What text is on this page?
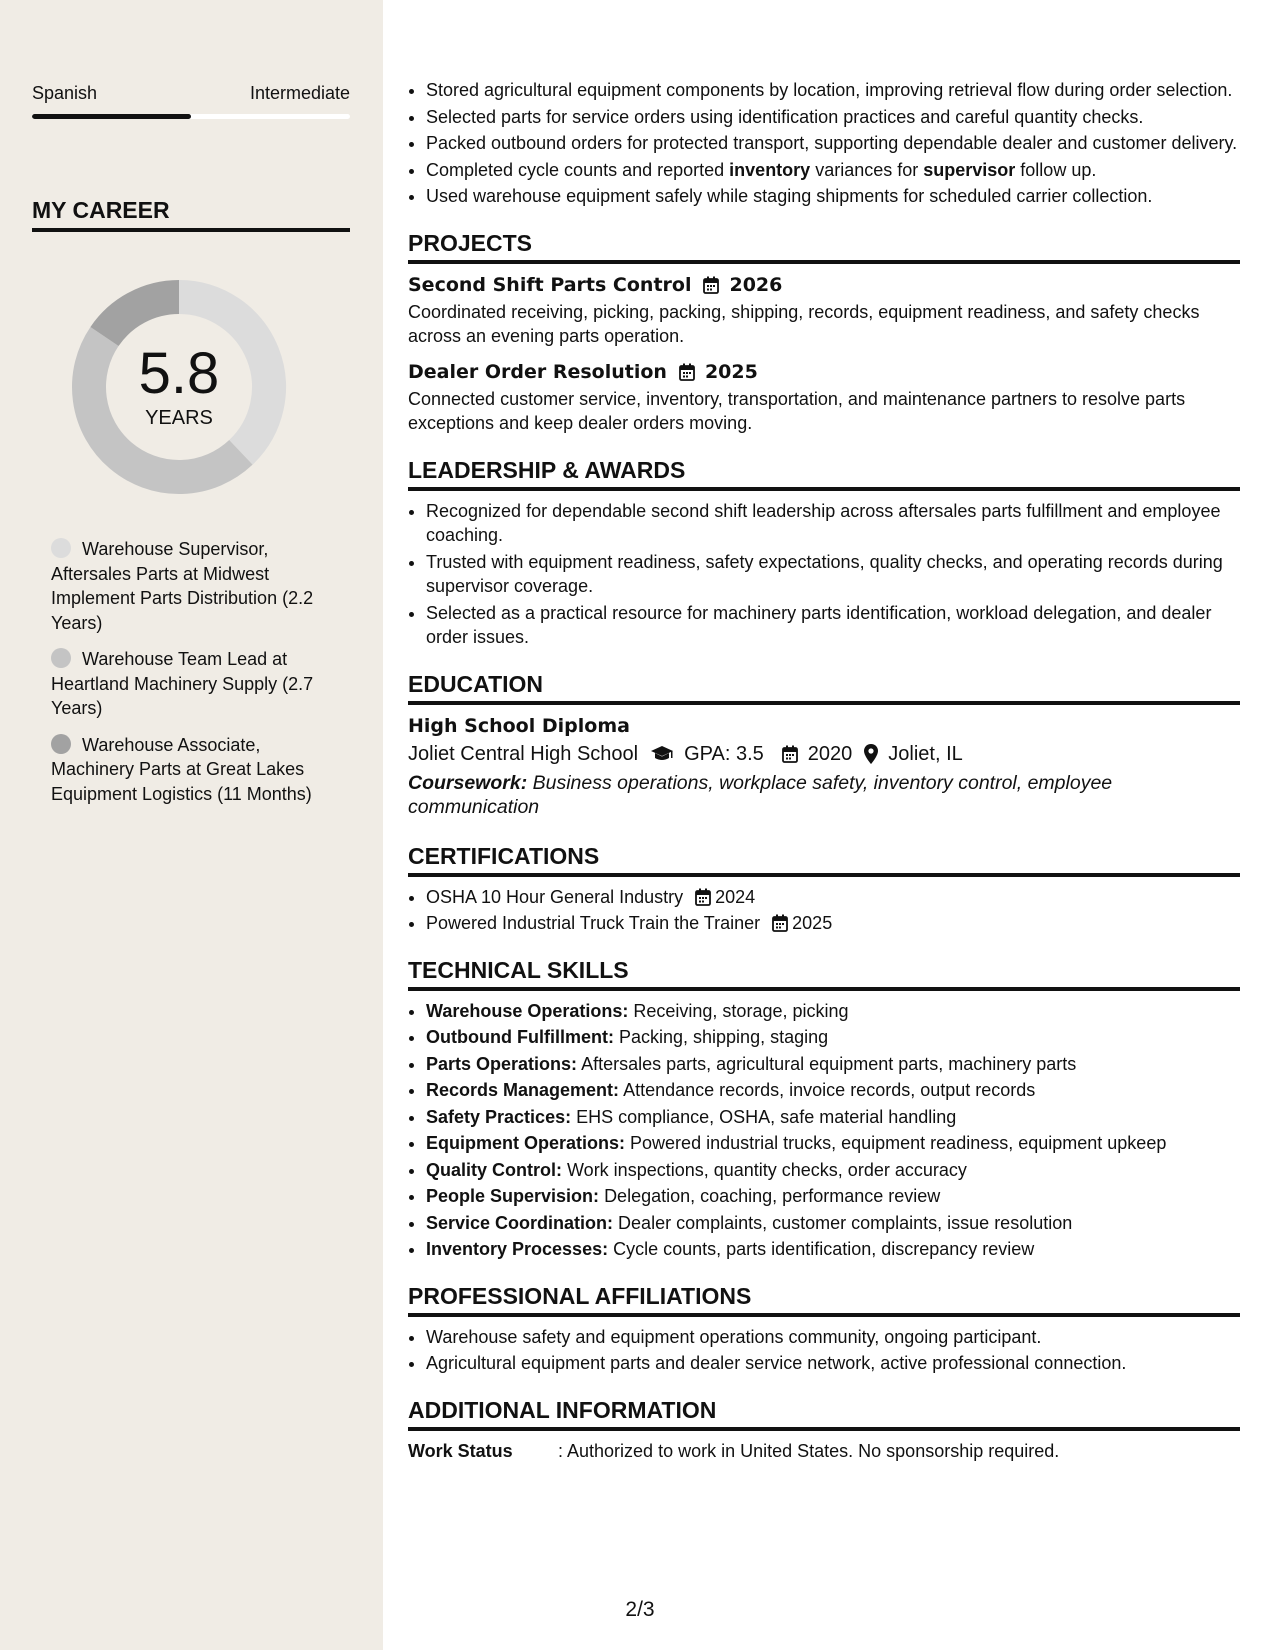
Spanish	Intermediate
MY CAREER
5.8
YEARS
Warehouse Supervisor, Aftersales Parts at Midwest Implement Parts Distribution (2.2 Years)
Warehouse Team Lead at Heartland Machinery Supply (2.7 Years)
Warehouse Associate, Machinery Parts at Great Lakes Equipment Logistics (11 Months)
• Stored agricultural equipment components by location, improving retrieval flow during order selection.
• Selected parts for service orders using identification practices and careful quantity checks.
• Packed outbound orders for protected transport, supporting dependable dealer and customer delivery.
• Completed cycle counts and reported inventory variances for supervisor follow up.
• Used warehouse equipment safely while staging shipments for scheduled carrier collection.
PROJECTS
Second Shift Parts Control 2026
Coordinated receiving, picking, packing, shipping, records, equipment readiness, and safety checks across an evening parts operation.
Dealer Order Resolution 2025
Connected customer service, inventory, transportation, and maintenance partners to resolve parts exceptions and keep dealer orders moving.
LEADERSHIP & AWARDS
• Recognized for dependable second shift leadership across aftersales parts fulfillment and employee coaching.
• Trusted with equipment readiness, safety expectations, quality checks, and operating records during supervisor coverage.
• Selected as a practical resource for machinery parts identification, workload delegation, and dealer order issues.
EDUCATION
High School Diploma
Joliet Central High School GPA: 3.5 2020 Joliet, IL
Coursework: Business operations, workplace safety, inventory control, employee communication
CERTIFICATIONS
• OSHA 10 Hour General Industry 2024
• Powered Industrial Truck Train the Trainer 2025
TECHNICAL SKILLS
• Warehouse Operations: Receiving, storage, picking
• Outbound Fulfillment: Packing, shipping, staging
• Parts Operations: Aftersales parts, agricultural equipment parts, machinery parts
• Records Management: Attendance records, invoice records, output records
• Safety Practices: EHS compliance, OSHA, safe material handling
• Equipment Operations: Powered industrial trucks, equipment readiness, equipment upkeep
• Quality Control: Work inspections, quantity checks, order accuracy
• People Supervision: Delegation, coaching, performance review
• Service Coordination: Dealer complaints, customer complaints, issue resolution
• Inventory Processes: Cycle counts, parts identification, discrepancy review
PROFESSIONAL AFFILIATIONS
• Warehouse safety and equipment operations community, ongoing participant.
• Agricultural equipment parts and dealer service network, active professional connection.
ADDITIONAL INFORMATION
Work Status	: Authorized to work in United States. No sponsorship required.
2/3
